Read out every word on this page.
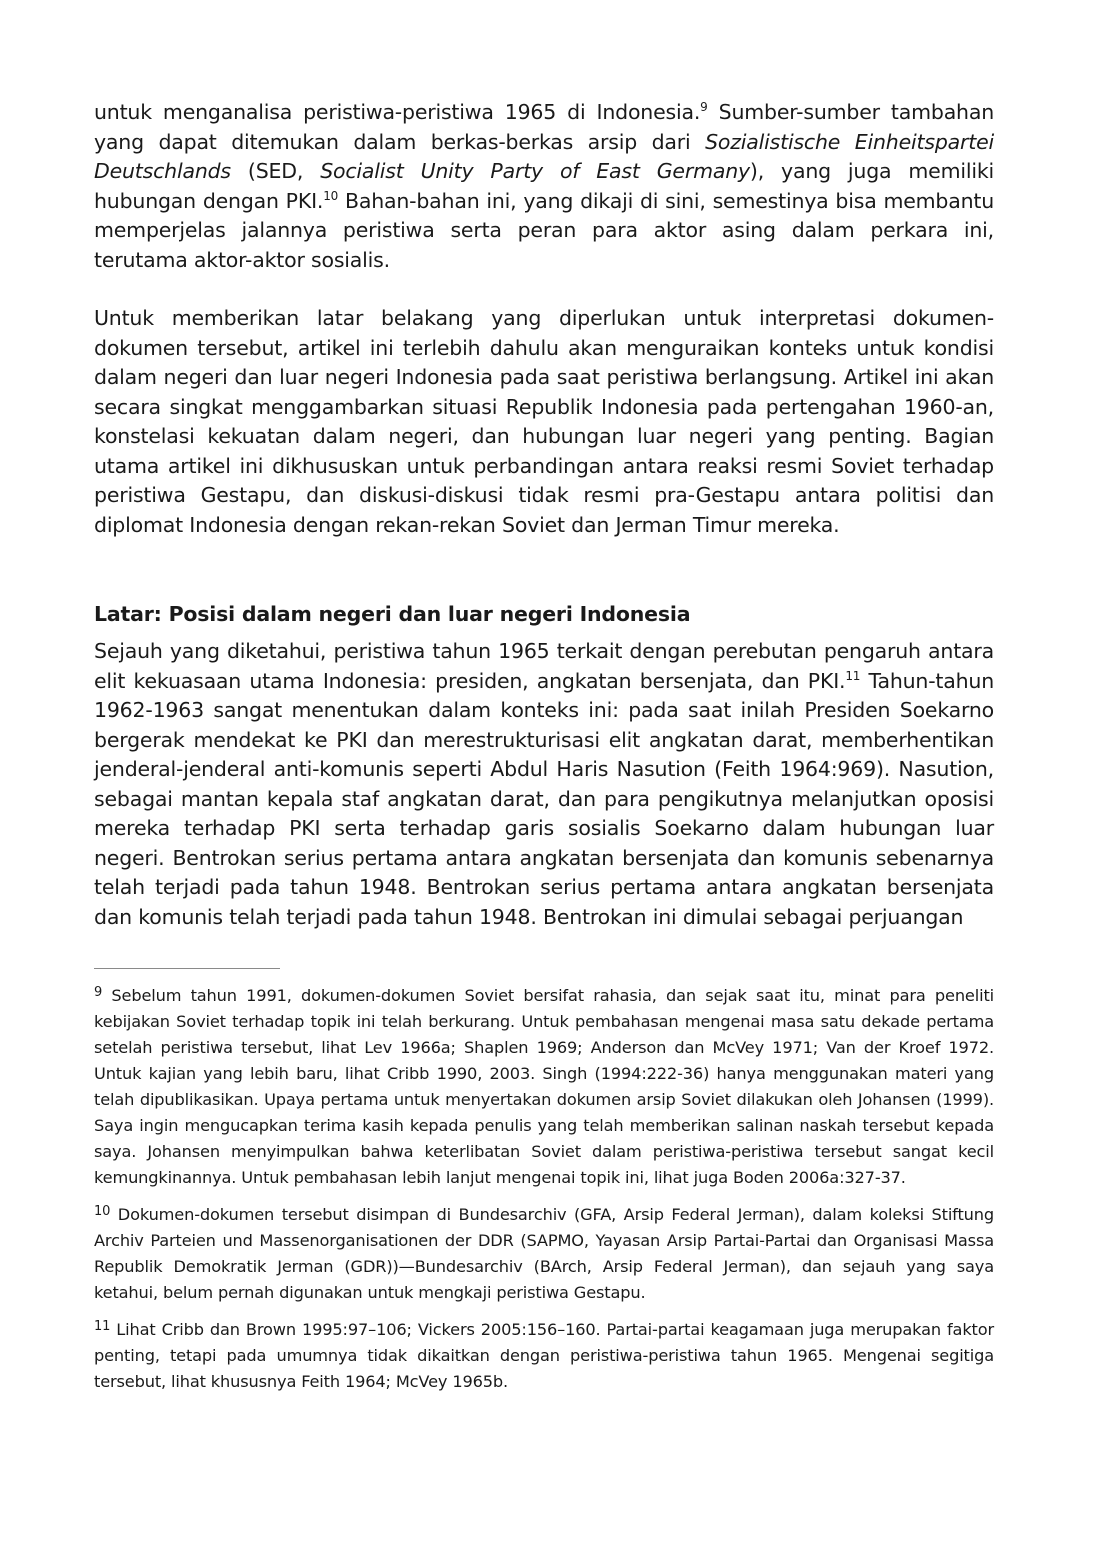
untuk menganalisa peristiwa-peristiwa 1965 di Indonesia.$^9$ Sumber-sumber tambahan yang dapat ditemukan dalam berkas-berkas arsip dari Sozialistische Einheitspartei Deutschlands (SED, Socialist Unity Party of East Germany), yang juga memiliki hubungan dengan PKI.$^{10}$ Bahan-bahan ini, yang dikaji di sini, semestinya bisa membantu memperjelas jalannya peristiwa serta peran para aktor asing dalam perkara ini, terutama aktor-aktor sosialis.

Untuk memberikan latar belakang yang diperlukan untuk interpretasi dokumen-dokumen tersebut, artikel ini terlebih dahulu akan menguraikan konteks untuk kondisi dalam negeri dan luar negeri Indonesia pada saat peristiwa berlangsung. Artikel ini akan secara singkat menggambarkan situasi Republik Indonesia pada pertengahan 1960-an, konstelasi kekuatan dalam negeri, dan hubungan luar negeri yang penting. Bagian utama artikel ini dikhususkan untuk perbandingan antara reaksi resmi Soviet terhadap peristiwa Gestapu, dan diskusi-diskusi tidak resmi pra-Gestapu antara politisi dan diplomat Indonesia dengan rekan-rekan Soviet dan Jerman Timur mereka.

Latar: Posisi dalam negeri dan luar negeri Indonesia

Sejauh yang diketahui, peristiwa tahun 1965 terkait dengan perebutan pengaruh antara elit kekuasaan utama Indonesia: presiden, angkatan bersenjata, dan PKI.$^{11}$ Tahun-tahun 1962-1963 sangat menentukan dalam konteks ini: pada saat inilah Presiden Soekarno bergerak mendekat ke PKI dan merestrukturisasi elit angkatan darat, memberhentikan jenderal-jenderal anti-komunis seperti Abdul Haris Nasution (Feith 1964:969). Nasution, sebagai mantan kepala staf angkatan darat, dan para pengikutnya melanjutkan oposisi mereka terhadap PKI serta terhadap garis sosialis Soekarno dalam hubungan luar negeri. Bentrokan serius pertama antara angkatan bersenjata dan komunis sebenarnya telah terjadi pada tahun 1948. Bentrokan serius pertama antara angkatan bersenjata dan komunis telah terjadi pada tahun 1948. Bentrokan ini dimulai sebagai perjuangan

$^9$ Sebelum tahun 1991, dokumen-dokumen Soviet bersifat rahasia, dan sejak saat itu, minat para peneliti kebijakan Soviet terhadap topik ini telah berkurang. Untuk pembahasan mengenai masa satu dekade pertama setelah peristiwa tersebut, lihat Lev 1966a; Shaplen 1969; Anderson dan McVey 1971; Van der Kroef 1972. Untuk kajian yang lebih baru, lihat Cribb 1990, 2003. Singh (1994:222-36) hanya menggunakan materi yang telah dipublikasikan. Upaya pertama untuk menyertakan dokumen arsip Soviet dilakukan oleh Johansen (1999). Saya ingin mengucapkan terima kasih kepada penulis yang telah memberikan salinan naskah tersebut kepada saya. Johansen menyimpulkan bahwa keterlibatan Soviet dalam peristiwa-peristiwa tersebut sangat kecil kemungkinannya. Untuk pembahasan lebih lanjut mengenai topik ini, lihat juga Boden 2006a:327-37.

$^{10}$ Dokumen-dokumen tersebut disimpan di Bundesarchiv (GFA, Arsip Federal Jerman), dalam koleksi Stiftung Archiv Parteien und Massenorganisationen der DDR (SAPMO, Yayasan Arsip Partai-Partai dan Organisasi Massa Republik Demokratik Jerman (GDR))—Bundesarchiv (BArch, Arsip Federal Jerman), dan sejauh yang saya ketahui, belum pernah digunakan untuk mengkaji peristiwa Gestapu.

$^{11}$ Lihat Cribb dan Brown 1995:97–106; Vickers 2005:156–160. Partai-partai keagamaan juga merupakan faktor penting, tetapi pada umumnya tidak dikaitkan dengan peristiwa-peristiwa tahun 1965. Mengenai segitiga tersebut, lihat khususnya Feith 1964; McVey 1965b.
